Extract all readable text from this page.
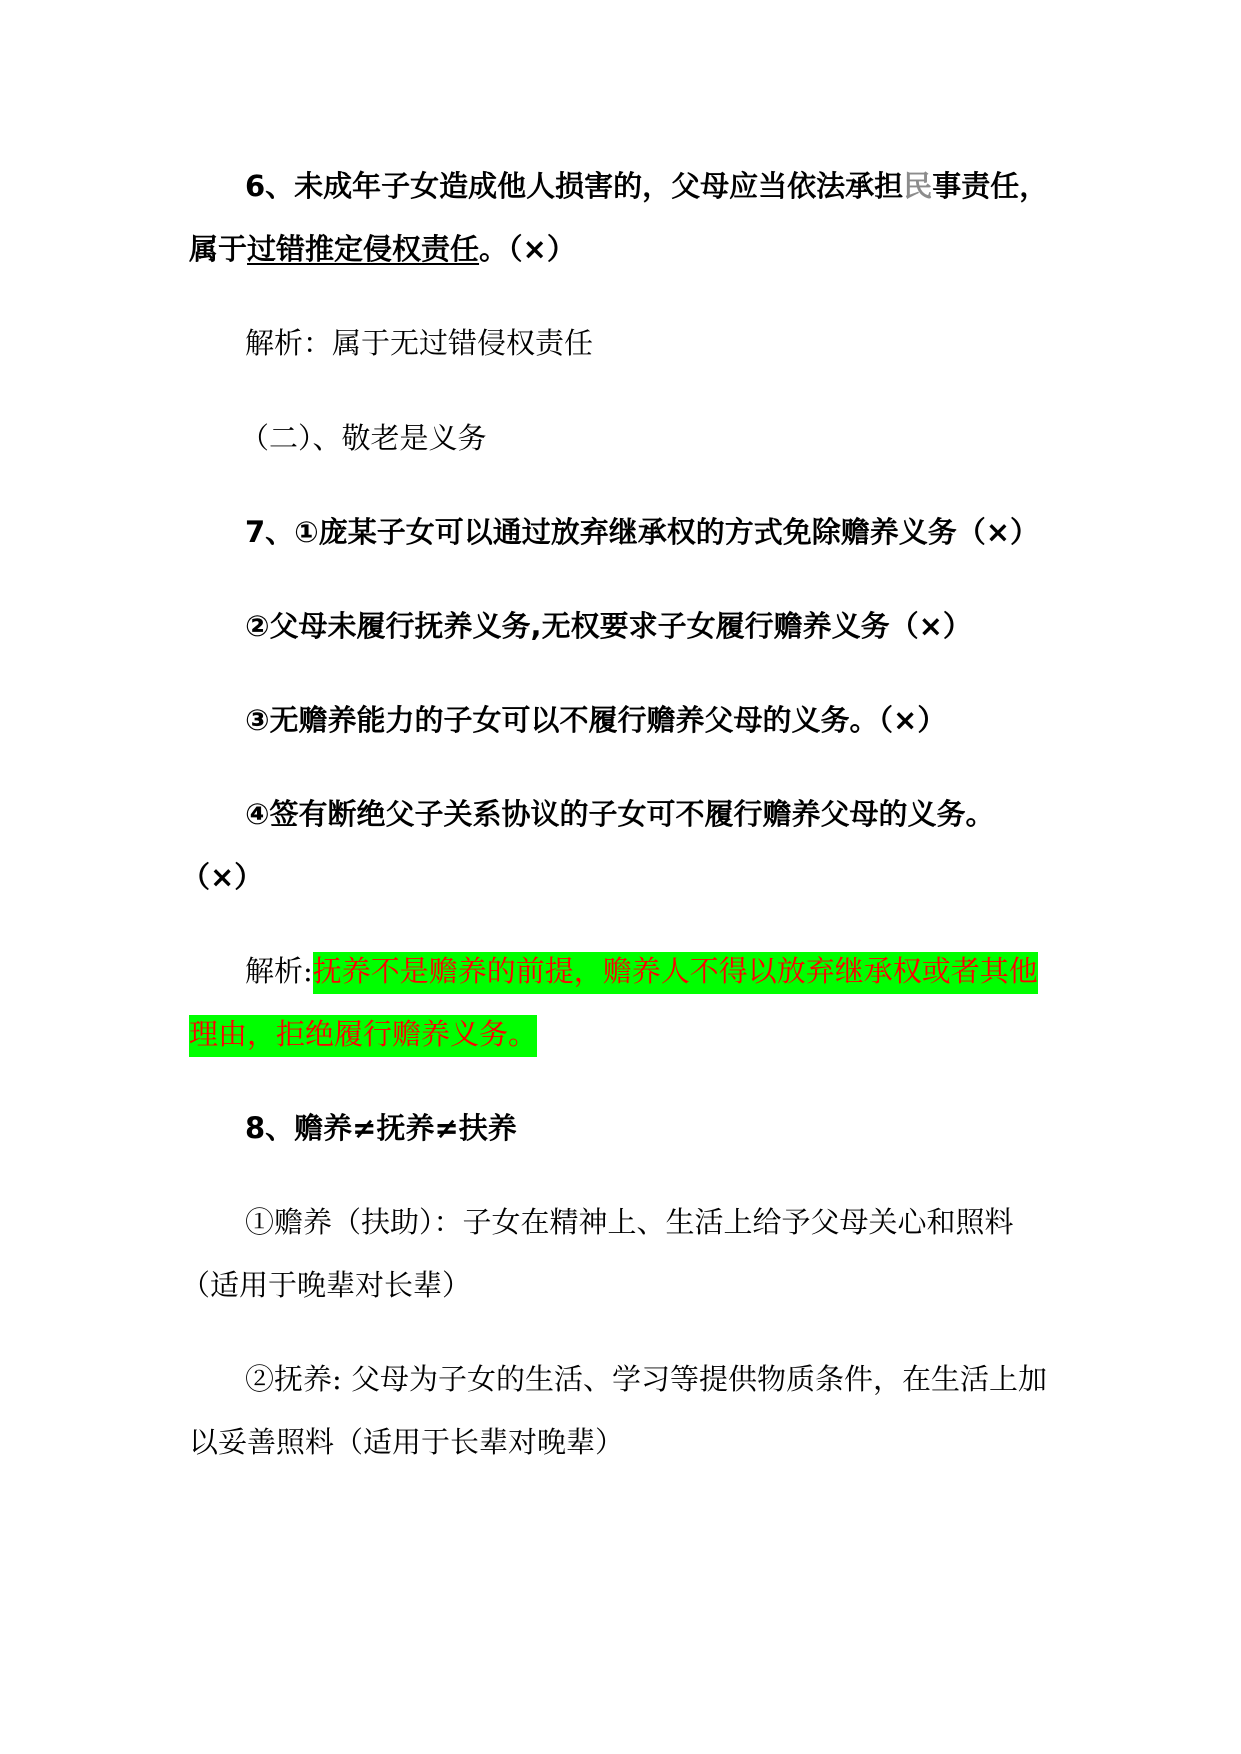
6、未成年子女造成他人损害的，父母应当依法承担民事责任，
属于过错推定侵权责任。（×）
解析：属于无过错侵权责任
（二）、敬老是义务
7、①庞某子女可以通过放弃继承权的方式免除赡养义务（×）
②父母未履行抚养义务,无权要求子女履行赡养义务（×）
③无赡养能力的子女可以不履行赡养父母的义务。（×）
④签有断绝父子关系协议的子女可不履行赡养父母的义务。
（×）
解析:抚养不是赡养的前提，赡养人不得以放弃继承权或者其他
理由，拒绝履行赡养义务。
8、赡养≠抚养≠扶养
①赡养（扶助）：子女在精神上、生活上给予父母关心和照料
（适用于晚辈对长辈）
②抚养: 父母为子女的生活、学习等提供物质条件，在生活上加
以妥善照料（适用于长辈对晚辈）
